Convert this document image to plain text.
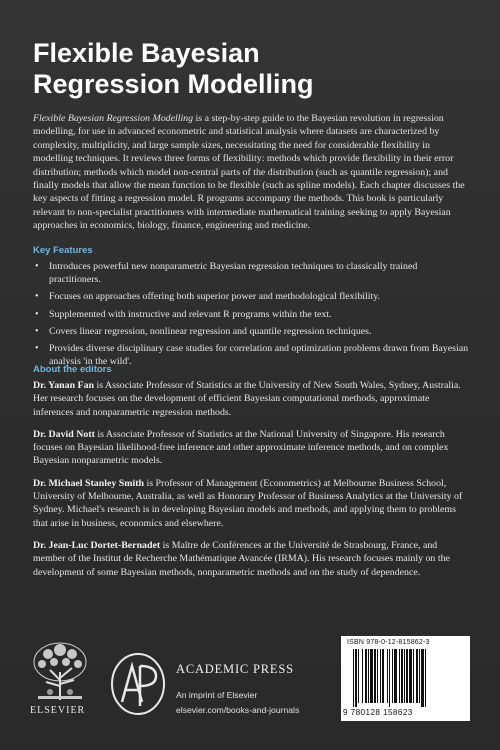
Flexible Bayesian
Regression Modelling

Flexible Bayesian Regression Modelling is a step-by-step guide to the Bayesian revolution in regression modelling, for use in advanced econometric and statistical analysis where datasets are characterized by complexity, multiplicity, and large sample sizes, necessitating the need for considerable flexibility in modelling techniques. It reviews three forms of flexibility: methods which provide flexibility in their error distribution; methods which model non-central parts of the distribution (such as quantile regression); and finally models that allow the mean function to be flexible (such as spline models). Each chapter discusses the key aspects of fitting a regression model. R programs accompany the methods. This book is particularly relevant to non-specialist practitioners with intermediate mathematical training seeking to apply Bayesian approaches in economics, biology, finance, engineering and medicine.

Key Features
• Introduces powerful new nonparametric Bayesian regression techniques to classically trained practitioners.
• Focuses on approaches offering both superior power and methodological flexibility.
• Supplemented with instructive and relevant R programs within the text.
• Covers linear regression, nonlinear regression and quantile regression techniques.
• Provides diverse disciplinary case studies for correlation and optimization problems drawn from Bayesian analysis 'in the wild'.
About the editors

Dr. Yanan Fan is Associate Professor of Statistics at the University of New South Wales, Sydney, Australia. Her research focuses on the development of efficient Bayesian computational methods, approximate inferences and nonparametric regression methods.

Dr. David Nott is Associate Professor of Statistics at the National University of Singapore. His research focuses on Bayesian likelihood-free inference and other approximate inference methods, and on complex Bayesian nonparametric models.

Dr. Michael Stanley Smith is Professor of Management (Econometrics) at Melbourne Business School, University of Melbourne, Australia, as well as Honorary Professor of Business Analytics at the University of Sydney. Michael's research is in developing Bayesian models and methods, and applying them to problems that arise in business, economics and elsewhere.

Dr. Jean-Luc Dortet-Bernadet is Maître de Conférences at the Université de Strasbourg, France, and member of the Institut de Recherche Mathématique Avancée (IRMA). His research focuses mainly on the development of some Bayesian methods, nonparametric methods and on the study of dependence.

ISBN 978-0-12-815862-3
9 780128 158623
ELSEVIER
ACADEMIC PRESS
An imprint of Elsevier
elsevier.com/books-and-journals
